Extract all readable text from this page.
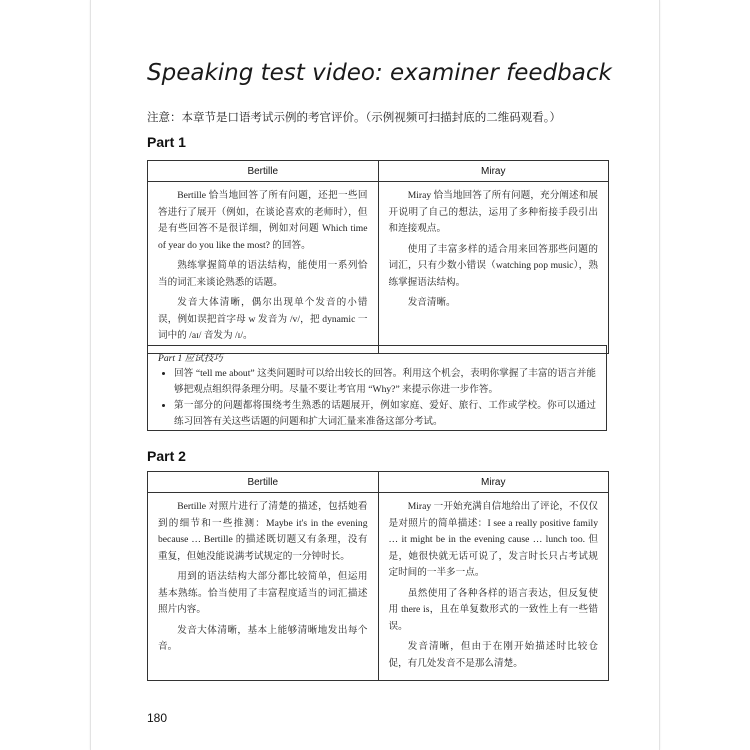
Speaking test video: examiner feedback
注意：本章节是口语考试示例的考官评价。（示例视频可扫描封底的二维码观看。）
Part 1
Bertille	Miray

Bertille 恰当地回答了所有问题，还把一些回答进行了展开（例如，在谈论喜欢的老师时），但是有些回答不是很详细，例如对问题 Which time of year do you like the most? 的回答。

熟练掌握简单的语法结构，能使用一系列恰当的词汇来谈论熟悉的话题。

发音大体清晰，偶尔出现单个发音的小错误，例如误把首字母 w 发音为 /v/，把 dynamic 一词中的 /aɪ/ 音发为 /ɪ/。

Miray 恰当地回答了所有问题，充分阐述和展开说明了自己的想法，运用了多种衔接手段引出和连接观点。

使用了丰富多样的适合用来回答那些问题的词汇，只有少数小错误（watching pop music），熟练掌握语法结构。

发音清晰。

Part 1 应试技巧
• 回答 “tell me about” 这类问题时可以给出较长的回答。利用这个机会，表明你掌握了丰富的语言并能够把观点组织得条理分明。尽量不要让考官用 “Why?” 来提示你进一步作答。
• 第一部分的问题都将围绕考生熟悉的话题展开，例如家庭、爱好、旅行、工作或学校。你可以通过练习回答有关这些话题的问题和扩大词汇量来准备这部分考试。
Part 2
Bertille	Miray

Bertille 对照片进行了清楚的描述，包括她看到的细节和一些推测：Maybe it's in the evening because … Bertille 的描述既切题又有条理，没有重复，但她没能说满考试规定的一分钟时长。

用到的语法结构大部分都比较简单，但运用基本熟练。恰当使用了丰富程度适当的词汇描述照片内容。

发音大体清晰，基本上能够清晰地发出每个音。

Miray 一开始充满自信地给出了评论，不仅仅是对照片的简单描述：I see a really positive family … it might be in the evening cause … lunch too. 但是，她很快就无话可说了，发言时长只占考试规定时间的一半多一点。

虽然使用了各种各样的语言表达，但反复使用 there is，且在单复数形式的一致性上有一些错误。

发音清晰，但由于在刚开始描述时比较仓促，有几处发音不是那么清楚。

180
